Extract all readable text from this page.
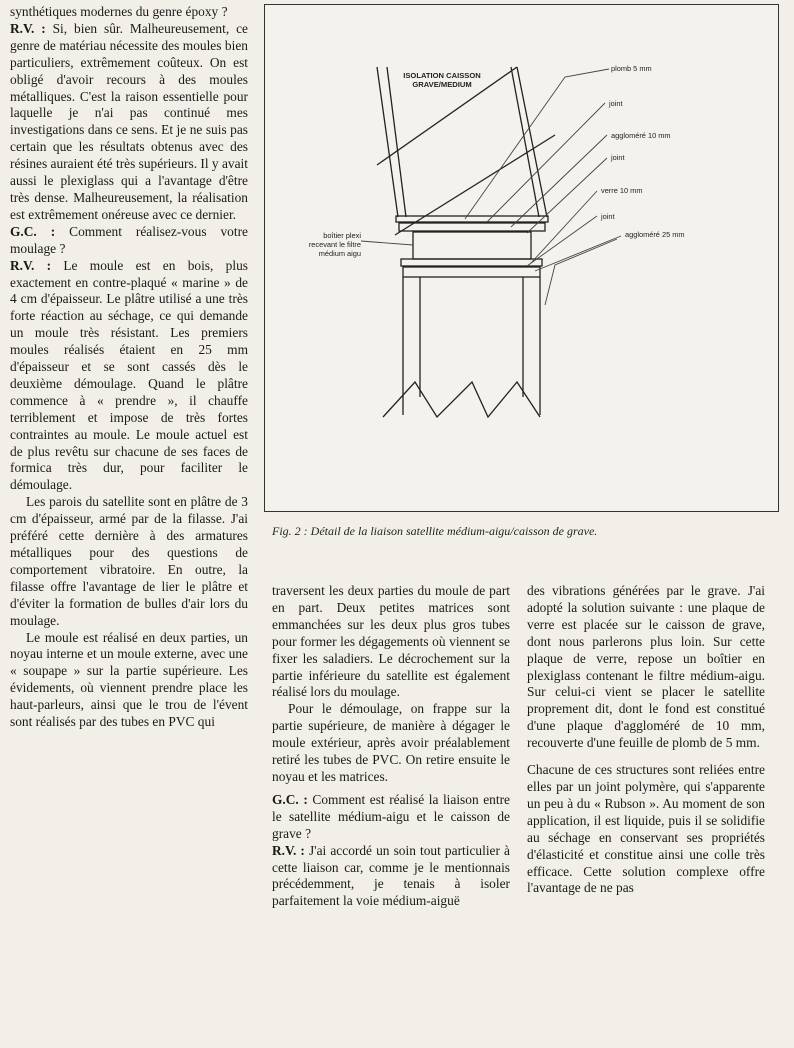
synthétiques modernes du genre époxy ?

R.V. : Si, bien sûr. Malheureusement, ce genre de matériau nécessite des moules bien particuliers, extrêmement coûteux. On est obligé d'avoir recours à des moules métalliques. C'est la raison essentielle pour laquelle je n'ai pas continué mes investigations dans ce sens. Et je ne suis pas certain que les résultats obtenus avec des résines auraient été très supérieurs. Il y avait aussi le plexiglass qui a l'avantage d'être très dense. Malheureusement, la réalisation est extrêmement onéreuse avec ce dernier.

G.C. : Comment réalisez-vous votre moulage ?

R.V. : Le moule est en bois, plus exactement en contre-plaqué « marine » de 4 cm d'épaisseur. Le plâtre utilisé a une très forte réaction au séchage, ce qui demande un moule très résistant. Les premiers moules réalisés étaient en 25 mm d'épaisseur et se sont cassés dès le deuxième démoulage. Quand le plâtre commence à « prendre », il chauffe terriblement et impose de très fortes contraintes au moule. Le moule actuel est de plus revêtu sur chacune de ses faces de formica très dur, pour faciliter le démoulage.

Les parois du satellite sont en plâtre de 3 cm d'épaisseur, armé par de la filasse. J'ai préféré cette dernière à des armatures métalliques pour des questions de comportement vibratoire. En outre, la filasse offre l'avantage de lier le plâtre et d'éviter la formation de bulles d'air lors du moulage.

Le moule est réalisé en deux parties, un noyau interne et un moule externe, avec une « soupape » sur la partie supérieure. Les évidements, où viennent prendre place les haut-parleurs, ainsi que le trou de l'évent sont réalisés par des tubes en PVC qui

ISOLATION CAISSON
GRAVE/MEDIUM
plomb 5 mm
joint
aggloméré 10 mm
joint
verre 10 mm
joint
aggloméré 25 mm
boîtier plexi
recevant le filtre
médium aigu
Fig. 2 : Détail de la liaison satellite médium-aigu/caisson de grave.

traversent les deux parties du moule de part en part. Deux petites matrices sont emmanchées sur les deux plus gros tubes pour former les dégagements où viennent se fixer les saladiers. Le décrochement sur la partie inférieure du satellite est également réalisé lors du moulage.

Pour le démoulage, on frappe sur la partie supérieure, de manière à dégager le moule extérieur, après avoir préalablement retiré les tubes de PVC. On retire ensuite le noyau et les matrices.

G.C. : Comment est réalisé la liaison entre le satellite médium-aigu et le caisson de grave ?

R.V. : J'ai accordé un soin tout particulier à cette liaison car, comme je le mentionnais précédemment, je tenais à isoler parfaitement la voie médium-aiguë

des vibrations générées par le grave. J'ai adopté la solution suivante : une plaque de verre est placée sur le caisson de grave, dont nous parlerons plus loin. Sur cette plaque de verre, repose un boîtier en plexiglass contenant le filtre médium-aigu. Sur celui-ci vient se placer le satellite proprement dit, dont le fond est constitué d'une plaque d'aggloméré de 10 mm, recouverte d'une feuille de plomb de 5 mm.

Chacune de ces structures sont reliées entre elles par un joint polymère, qui s'apparente un peu à du « Rubson ». Au moment de son application, il est liquide, puis il se solidifie au séchage en conservant ses propriétés d'élasticité et constitue ainsi une colle très efficace. Cette solution complexe offre l'avantage de ne pas
